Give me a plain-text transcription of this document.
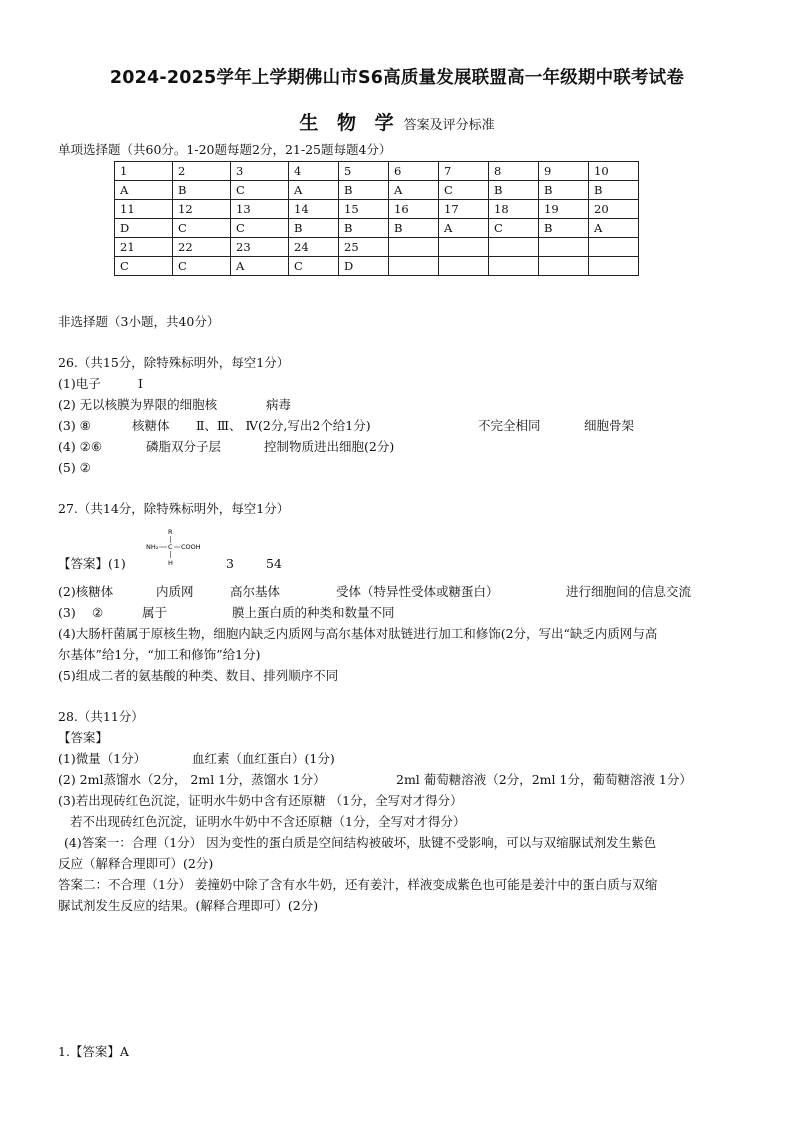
2024-2025学年上学期佛山市S6高质量发展联盟高一年级期中联考试卷
生 物 学 答案及评分标准
单项选择题（共60分。1-20题每题2分，21-25题每题4分）
1	2	3	4	5	6	7	8	9	10
A	B	C	A	B	A	C	B	B	B
11	12	13	14	15	16	17	18	19	20
D	C	C	B	B	B	A	C	B	A
21	22	23	24	25					
C	C	A	C	D					
非选择题（3小题，共40分）
26.（共15分，除特殊标明外，每空1分）
(1)电子	Ⅰ
(2) 无以核膜为界限的细胞核	病毒
(3) ⑧	核糖体 Ⅱ、Ⅲ、 Ⅳ(2分,写出2个给1分)	不完全相同	细胞骨架
(4) ②⑥	磷脂双分子层	控制物质进出细胞(2分)
(5) ②
27.（共14分，除特殊标明外，每空1分）
R
NH₂ C COOH
H
【答案】(1)	3	54
(2)核糖体	内质网	高尔基体	受体（特异性受体或糖蛋白）	进行细胞间的信息交流
(3) ②	属于	膜上蛋白质的种类和数量不同
(4)大肠杆菌属于原核生物，细胞内缺乏内质网与高尔基体对肽链进行加工和修饰(2分，写出“缺乏内质网与高
尔基体”给1分，“加工和修饰”给1分)
(5)组成二者的氨基酸的种类、数目、排列顺序不同
28.（共11分）
【答案】
(1)微量（1分）	血红素（血红蛋白）(1分)
(2) 2ml蒸馏水（2分， 2ml 1分，蒸馏水 1分）	2ml 葡萄糖溶液（2分，2ml 1分，葡萄糖溶液 1分）
(3)若出现砖红色沉淀，证明水牛奶中含有还原糖 （1分，全写对才得分）
若不出现砖红色沉淀，证明水牛奶中不含还原糖（1分，全写对才得分）
(4)答案一：合理（1分） 因为变性的蛋白质是空间结构被破坏，肽键不受影响，可以与双缩脲试剂发生紫色
反应（解释合理即可）(2分)
答案二：不合理（1分） 姜撞奶中除了含有水牛奶，还有姜汁，样液变成紫色也可能是姜汁中的蛋白质与双缩
脲试剂发生反应的结果。(解释合理即可）(2分)
1.【答案】A
